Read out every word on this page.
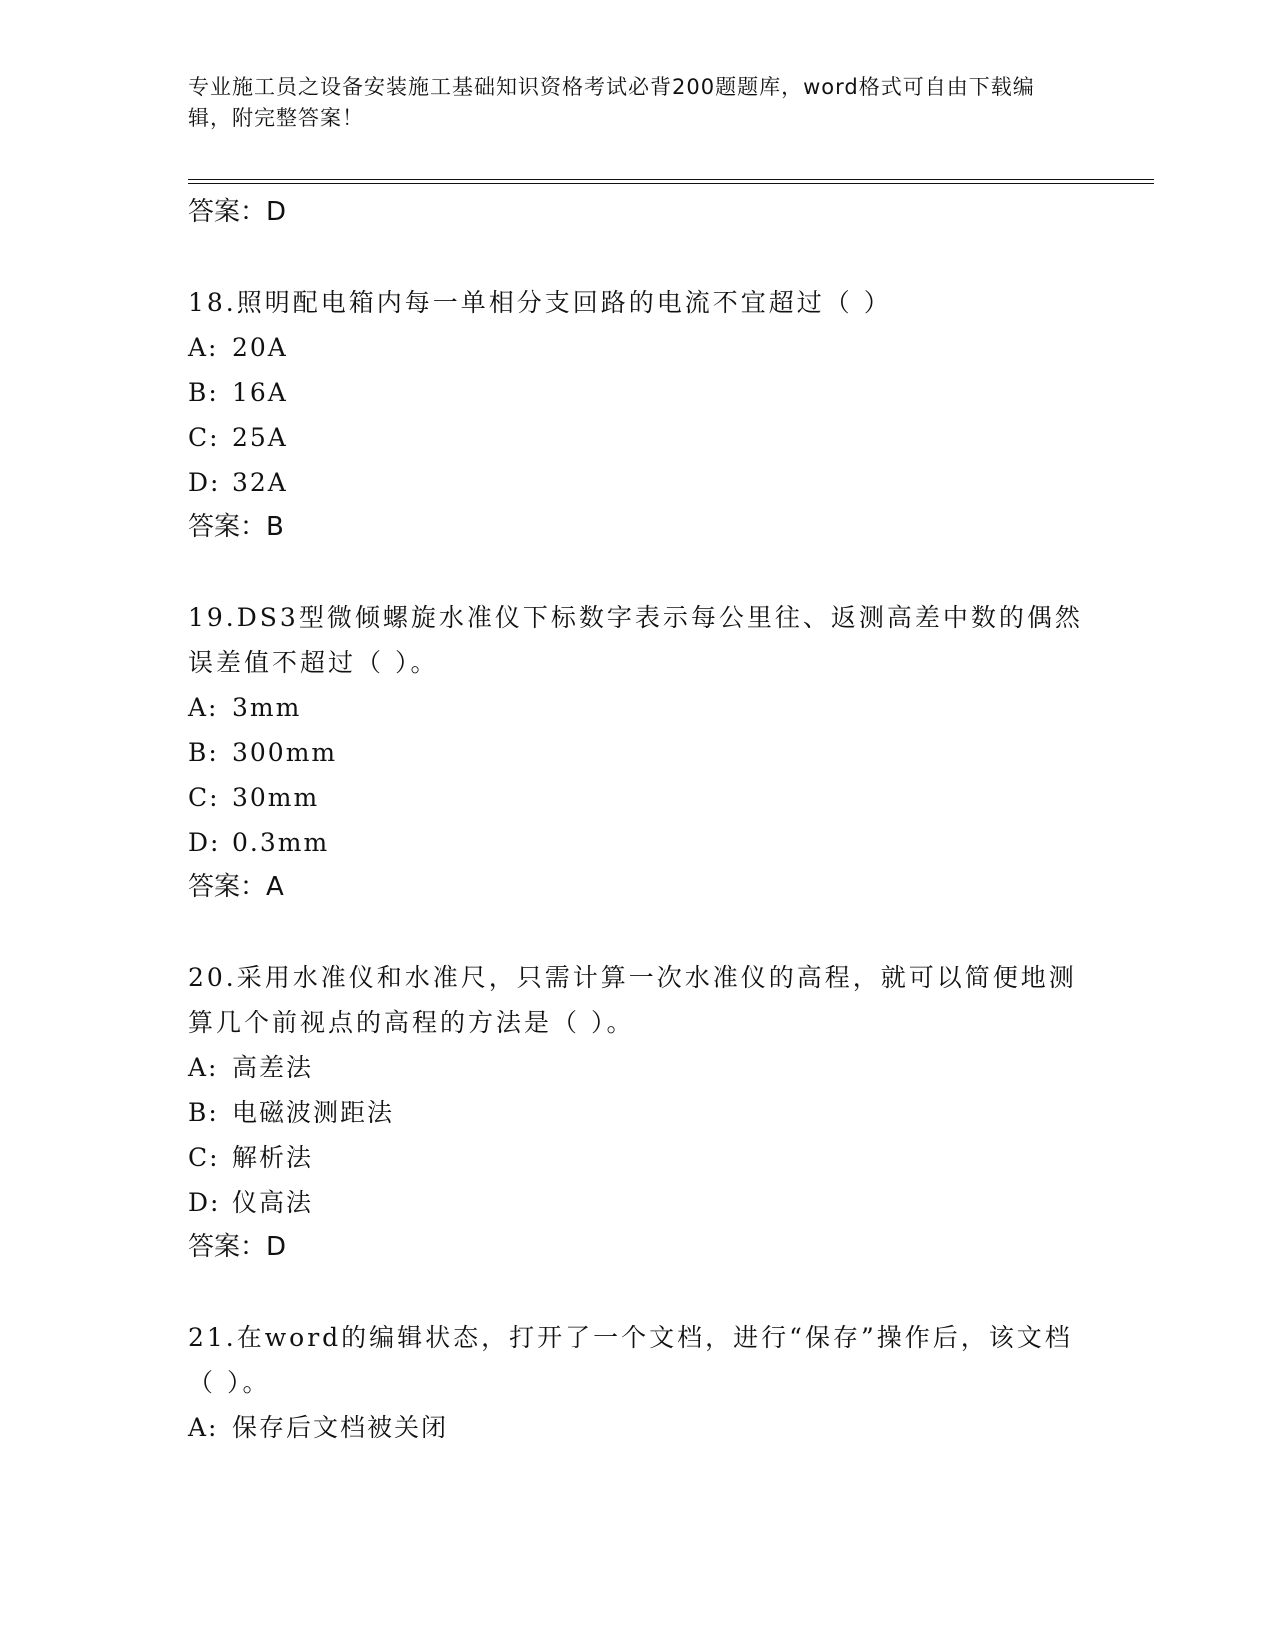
专业施工员之设备安装施工基础知识资格考试必背200题题库，word格式可自由下载编辑，附完整答案！
答案：D
18.照明配电箱内每一单相分支回路的电流不宜超过（ ）
A: 20A
B: 16A
C: 25A
D: 32A
答案：B
19.DS3型微倾螺旋水准仪下标数字表示每公里往、返测高差中数的偶然误差值不超过（ ）。
A: 3mm
B: 300mm
C: 30mm
D: 0.3mm
答案：A
20.采用水准仪和水准尺，只需计算一次水准仪的高程，就可以简便地测算几个前视点的高程的方法是（ ）。
A: 高差法
B: 电磁波测距法
C: 解析法
D: 仪高法
答案：D
21.在word的编辑状态，打开了一个文档，进行“保存”操作后，该文档（ ）。
A: 保存后文档被关闭
